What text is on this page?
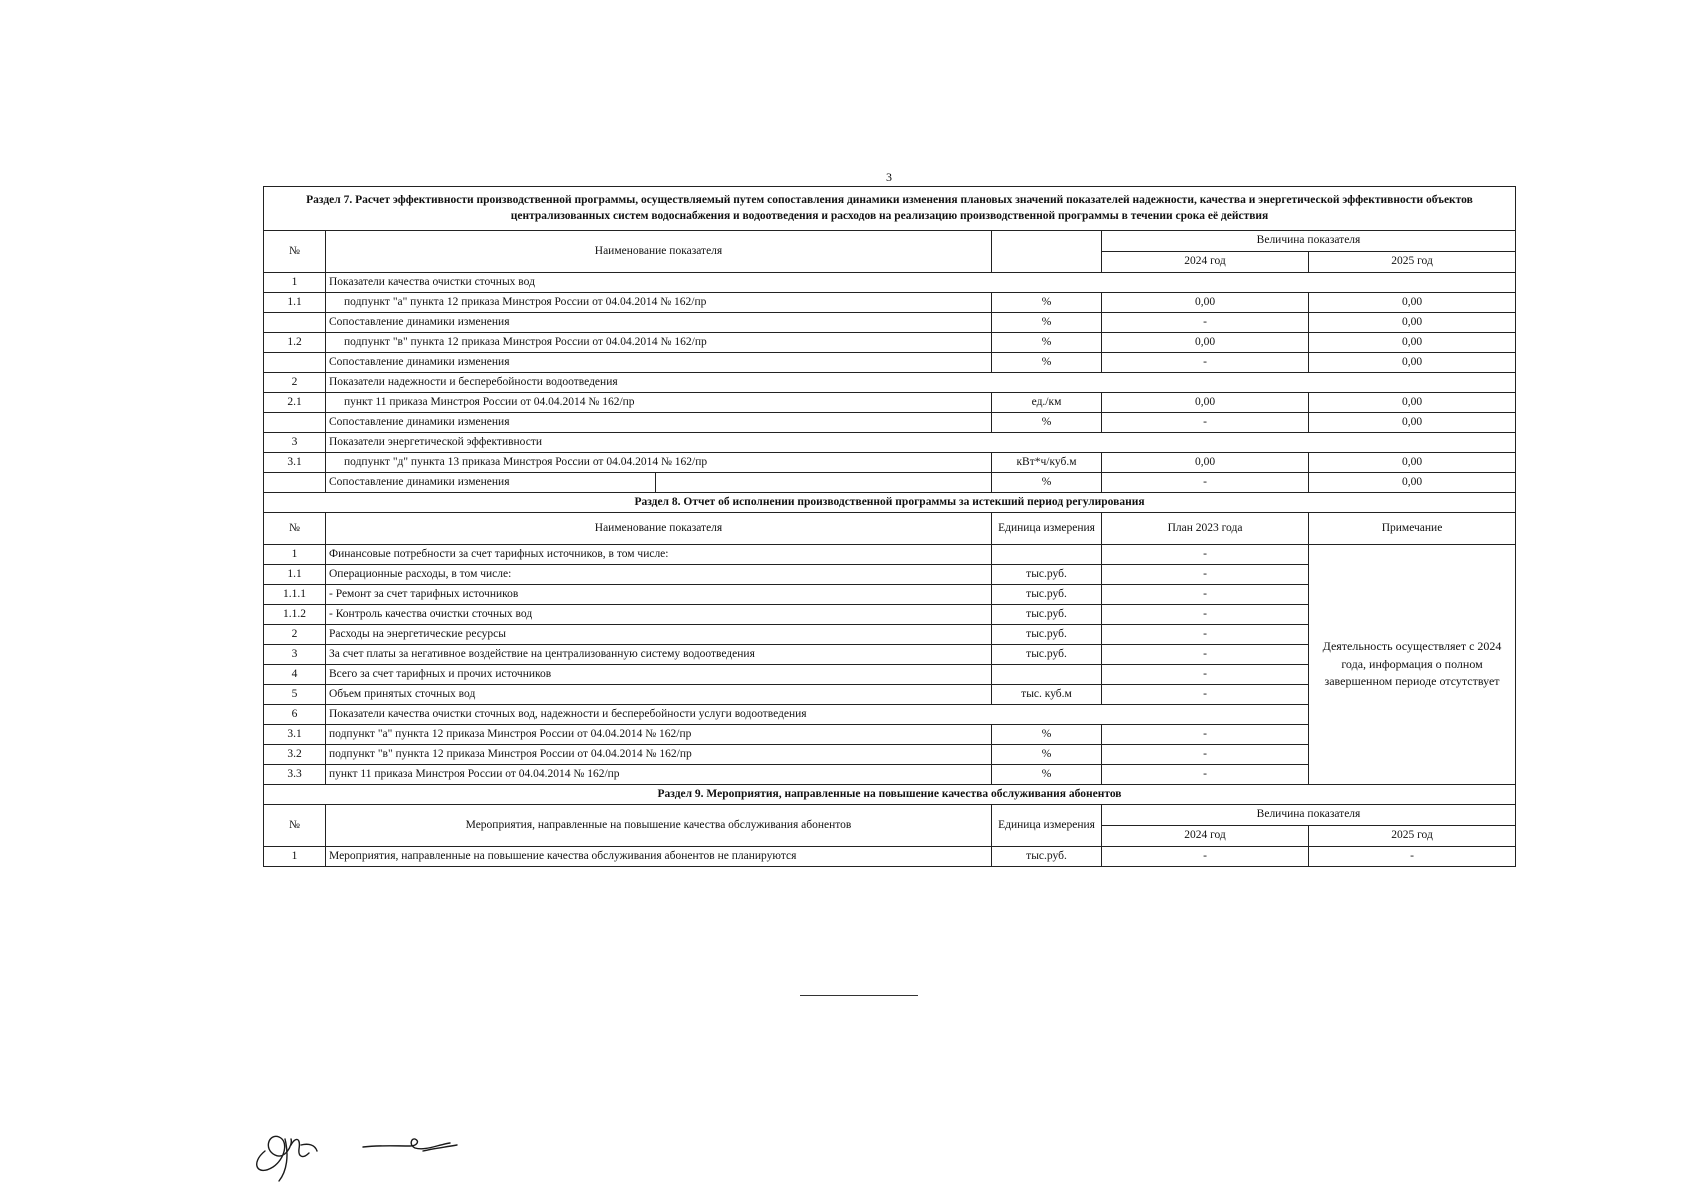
3
Раздел 7. Расчет эффективности производственной программы, осуществляемый путем сопоставления динамики изменения плановых значений показателей надежности, качества и энергетической эффективности объектов централизованных систем водоснабжения и водоотведения и расходов на реализацию производственной программы в течении срока её действия					
№	Наименование показателя			Величина показателя	
				2024 год	2025 год
1	Показатели качества очистки сточных вод				
1.1	подпункт "а" пункта 12 приказа Минстроя России от 04.04.2014 № 162/пр		%	0,00	0,00
	Сопоставление динамики изменения		%	-	0,00
1.2	подпункт "в" пункта 12 приказа Минстроя России от 04.04.2014 № 162/пр		%	0,00	0,00
	Сопоставление динамики изменения		%	-	0,00
2	Показатели надежности и бесперебойности водоотведения				
2.1	пункт 11 приказа Минстроя России от 04.04.2014 № 162/пр		ед./км	0,00	0,00
	Сопоставление динамики изменения		%	-	0,00
3	Показатели энергетической эффективности				
3.1	подпункт "д" пункта 13 приказа Минстроя России от 04.04.2014 № 162/пр		кВт*ч/куб.м	0,00	0,00
	Сопоставление динамики изменения		%	-	0,00
Раздел 8. Отчет об исполнении производственной программы за истекший период регулирования					
№	Наименование показателя		Единица измерения	План 2023 года	Примечание
1	Финансовые потребности за счет тарифных источников, в том числе:			-	Деятельность осуществляет с 2024 года, информация о полном завершенном периоде отсутствует
1.1	Операционные расходы, в том числе:		тыс.руб.	-	
1.1.1	- Ремонт за счет тарифных источников		тыс.руб.	-	
1.1.2	- Контроль качества очистки сточных вод		тыс.руб.	-	
2	Расходы на энергетические ресурсы		тыс.руб.	-	
3	За счет платы за негативное воздействие на централизованную систему водоотведения		тыс.руб.	-	
4	Всего за счет тарифных и прочих источников			-	
5	Объем принятых сточных вод		тыс. куб.м	-	
6	Показатели качества очистки сточных вод, надежности и бесперебойности услуги водоотведения				
3.1	подпункт "а" пункта 12 приказа Минстроя России от 04.04.2014 № 162/пр		%	-	
3.2	подпункт "в" пункта 12 приказа Минстроя России от 04.04.2014 № 162/пр		%	-	
3.3	пункт 11 приказа Минстроя России от 04.04.2014 № 162/пр		%	-	
Раздел 9. Мероприятия, направленные на повышение качества обслуживания абонентов					
№	Мероприятия, направленные на повышение качества обслуживания абонентов		Единица измерения	Величина показателя	
				2024 год	2025 год
1	Мероприятия, направленные на повышение качества обслуживания абонентов не планируются		тыс.руб.	-	-
